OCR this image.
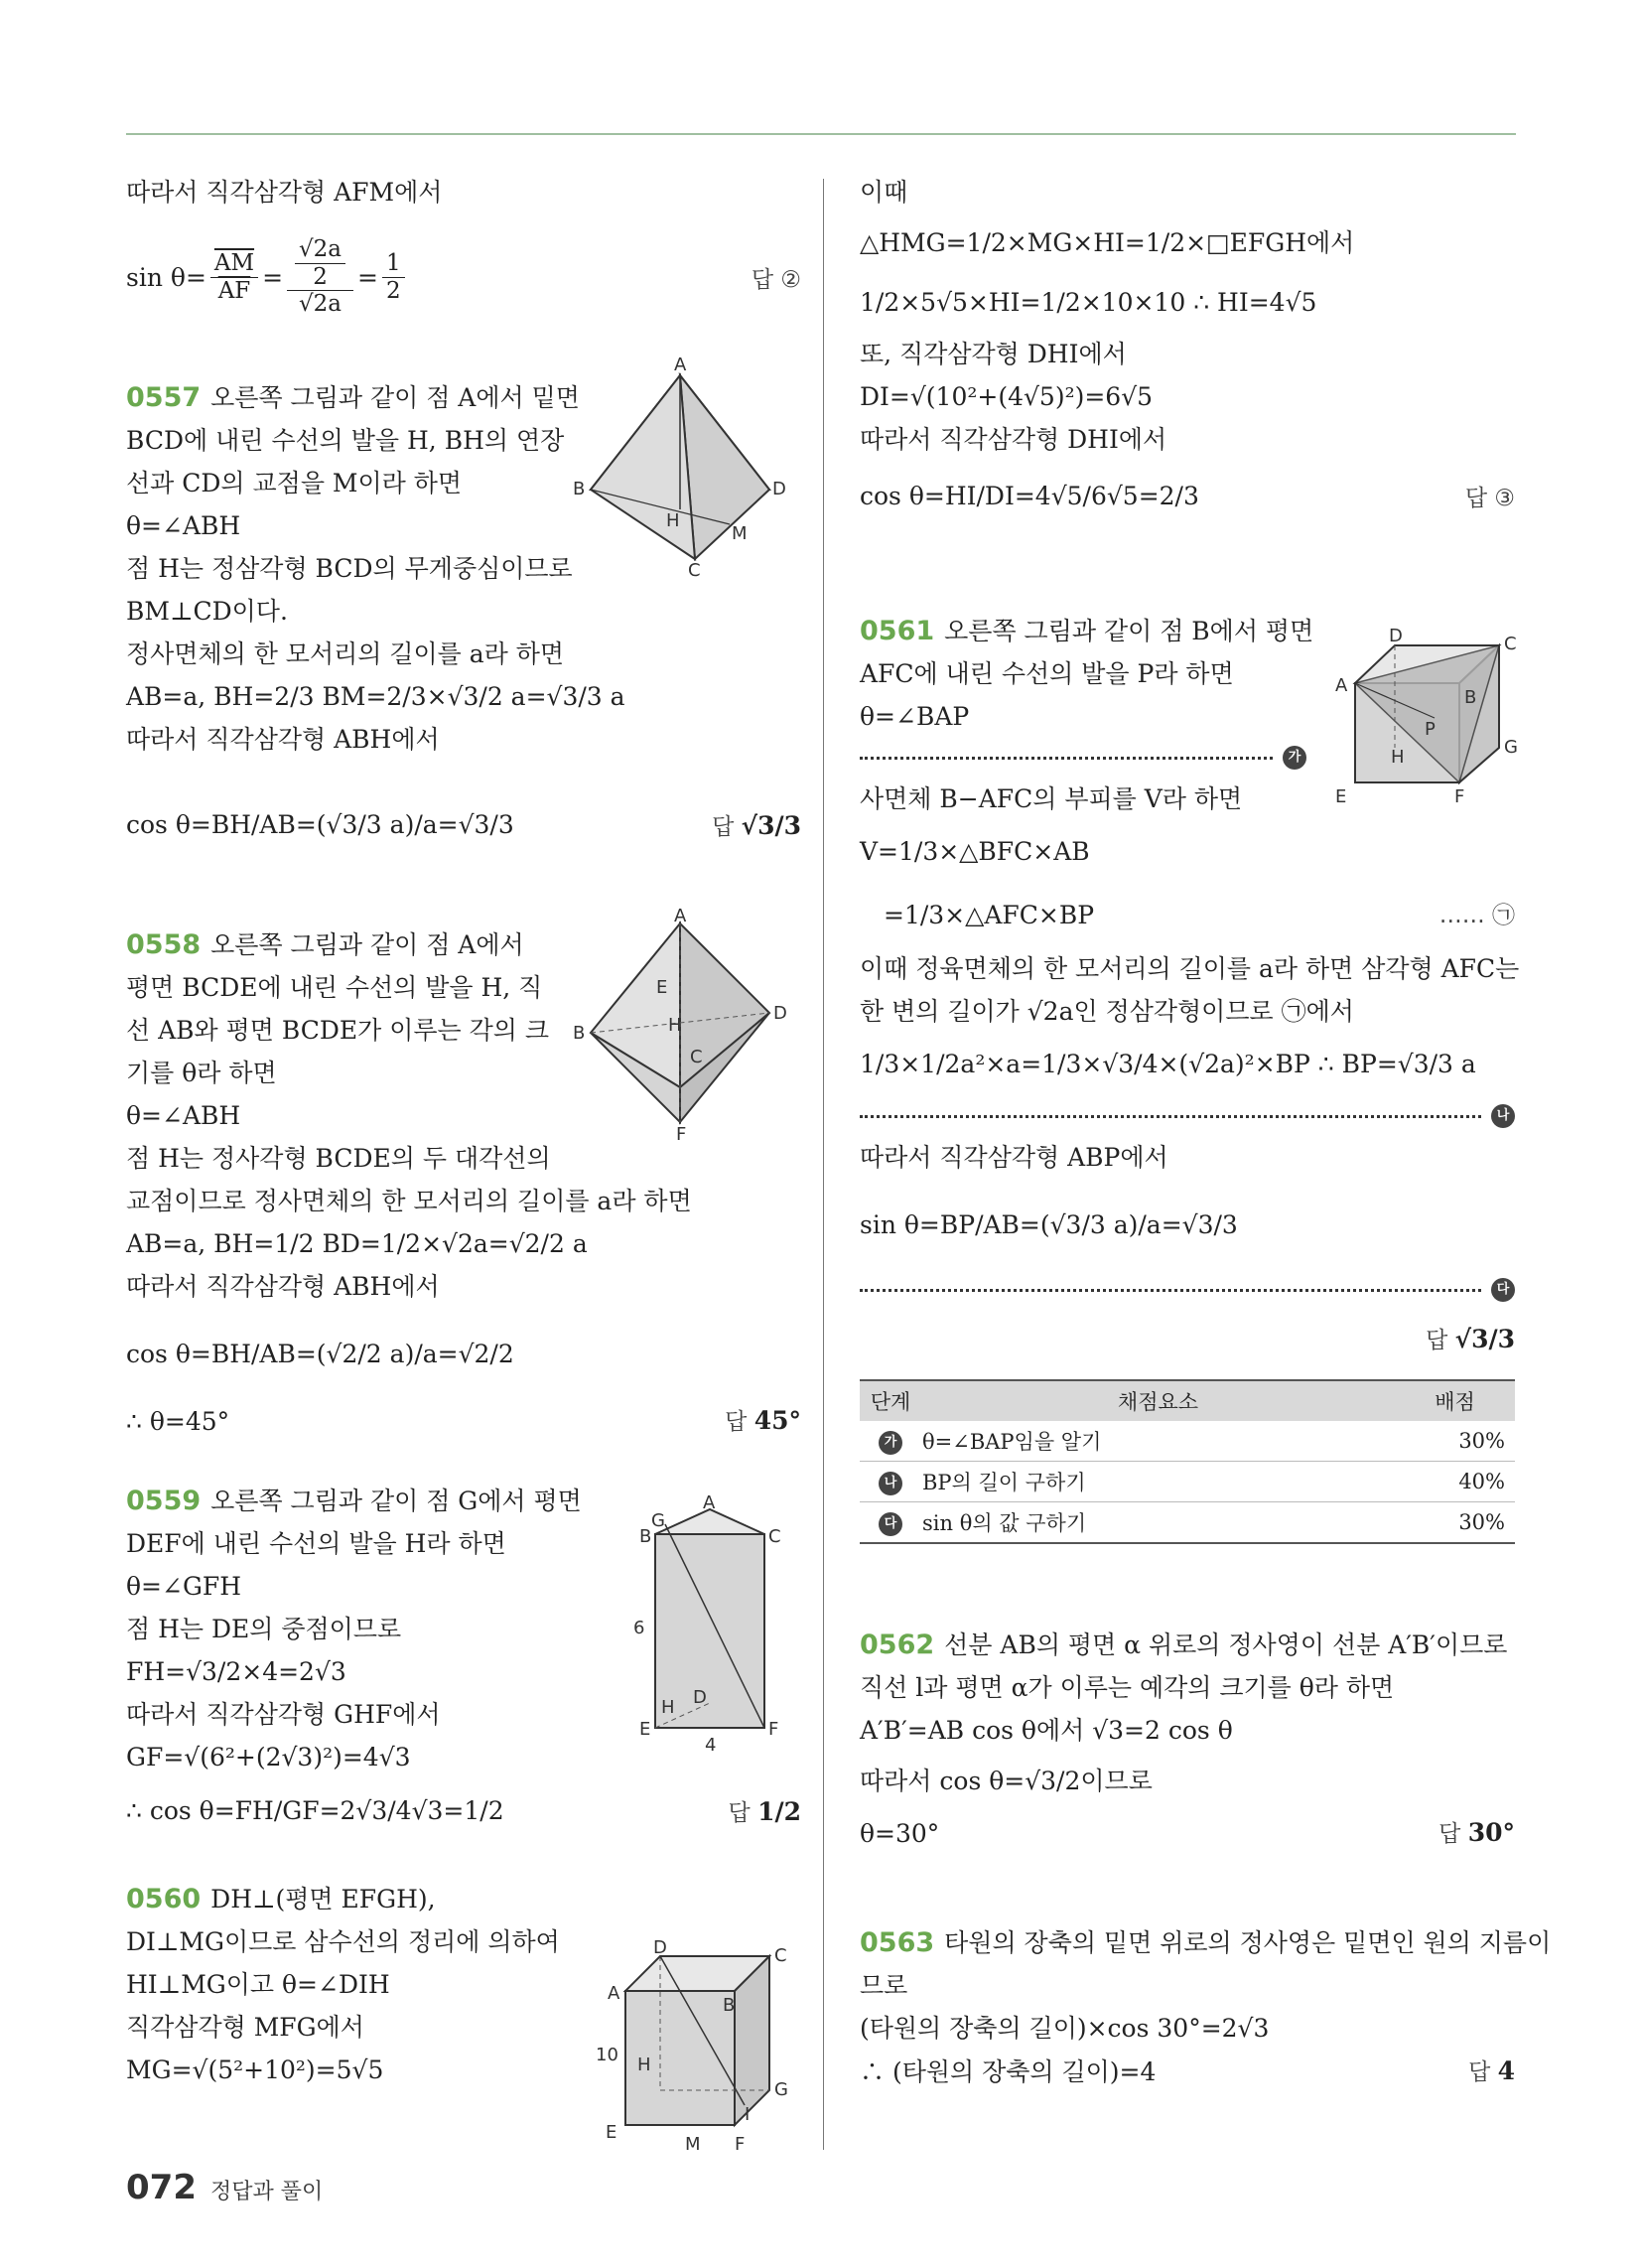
따라서 직각삼각형 AFM에서
$\sin \theta = \frac{\overline{AM}}{AF} = \frac{\frac{√2a}{2}}{√2a} = \frac{1}{2}$	답 ②
0557 오른쪽 그림과 같이 점 A에서 밑면
BCD에 내린 수선의 발을 H, BH의 연장
선과 CD의 교점을 M이라 하면
θ=∠ABH
점 H는 정삼각형 BCD의 무게중심이므로
BM⊥CD이다.
정사면체의 한 모서리의 길이를 a라 하면
AB=a, BH=2/3 BM=2/3×√3/2 a=√3/3 a
따라서 직각삼각형 ABH에서
cos θ=BH/AB=(√3/3 a)/a=√3/3	답 √3/3
0558 오른쪽 그림과 같이 점 A에서
평면 BCDE에 내린 수선의 발을 H, 직
선 AB와 평면 BCDE가 이루는 각의 크
기를 θ라 하면
θ=∠ABH
점 H는 정사각형 BCDE의 두 대각선의
교점이므로 정사면체의 한 모서리의 길이를 a라 하면
AB=a, BH=1/2 BD=1/2×√2a=√2/2 a
따라서 직각삼각형 ABH에서
cos θ=BH/AB=(√2/2 a)/a=√2/2
∴ θ=45°	답 45°
0559 오른쪽 그림과 같이 점 G에서 평면
DEF에 내린 수선의 발을 H라 하면
θ=∠GFH
점 H는 DE의 중점이므로
FH=√3/2×4=2√3
따라서 직각삼각형 GHF에서
GF=√(6²+(2√3)²)=4√3
∴ cos θ=FH/GF=2√3/4√3=1/2	답 1/2
0560 DH⊥(평면 EFGH),
DI⊥MG이므로 삼수선의 정리에 의하여
HI⊥MG이고 θ=∠DIH
직각삼각형 MFG에서
MG=√(5²+10²)=5√5
A
B	D
C
H
M
A
B
D
C
E
F
H
A
B	C
G
D
E	F
H
6
4
D	C
A
B
H
G
E
M F
I
10
이때
△HMG=1/2×MG×HI=1/2×□EFGH에서
1/2×5√5×HI=1/2×10×10 ∴ HI=4√5
또, 직각삼각형 DHI에서
DI=√(10²+(4√5)²)=6√5
따라서 직각삼각형 DHI에서
cos θ=HI/DI=4√5/6√5=2/3	답 ③
0561 오른쪽 그림과 같이 점 B에서 평면
AFC에 내린 수선의 발을 P라 하면
θ=∠BAP
가
사면체 B−AFC의 부피를 V라 하면
V=1/3×△BFC×AB
=1/3×△AFC×BP	…… ㉠
이때 정육면체의 한 모서리의 길이를 a라 하면 삼각형 AFC는
한 변의 길이가 √2a인 정삼각형이므로 ㉠에서
1/3×1/2a²×a=1/3×√3/4×(√2a)²×BP ∴ BP=√3/3 a
나
따라서 직각삼각형 ABP에서
sin θ=BP/AB=(√3/3 a)/a=√3/3
다
답 √3/3
단계	채점요소	배점
가	θ=∠BAP임을 알기	30%
나	BP의 길이 구하기	40%
다	sin θ의 값 구하기	30%
0562 선분 AB의 평면 α 위로의 정사영이 선분 A′B′이므로
직선 l과 평면 α가 이루는 예각의 크기를 θ라 하면
A′B′=AB cos θ에서 √3=2 cos θ
따라서 cos θ=√3/2이므로
θ=30°	답 30°
0563 타원의 장축의 밑면 위로의 정사영은 밑면인 원의 지름이
므로
(타원의 장축의 길이)×cos 30°=2√3
∴ (타원의 장축의 길이)=4	답 4
D	C
A
B
P
H	G
E	F
072 정답과 풀이
